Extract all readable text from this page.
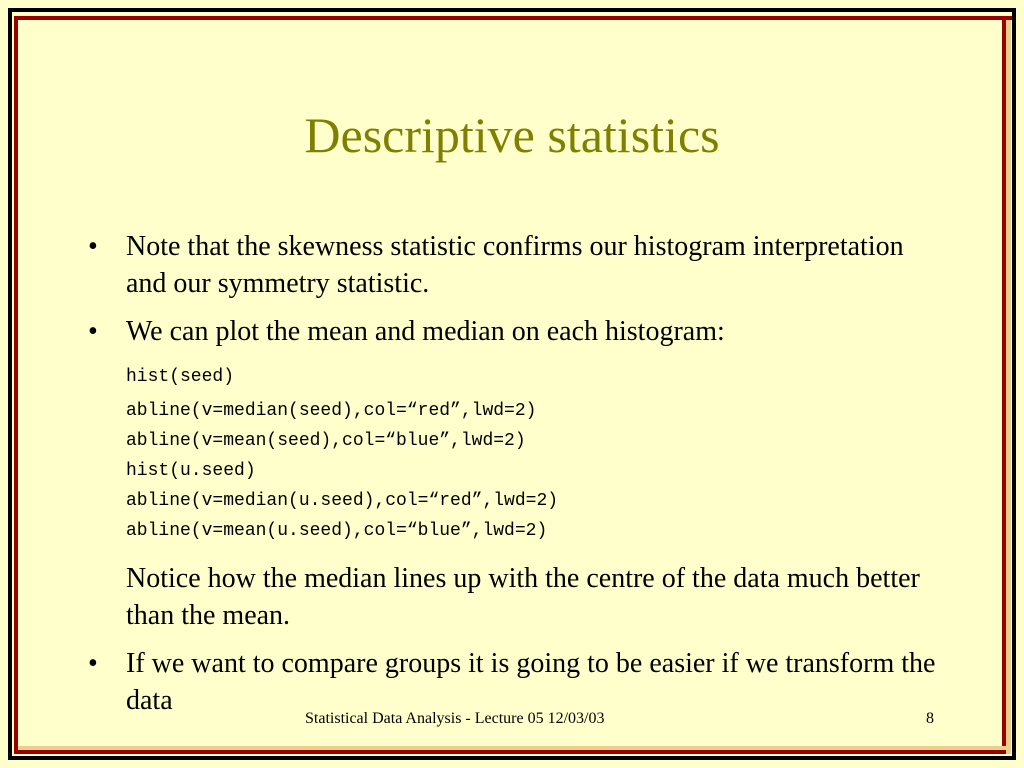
Descriptive statistics
• Note that the skewness statistic confirms our histogram interpretation and our symmetry statistic.
• We can plot the mean and median on each histogram:
hist(seed)
abline(v=median(seed),col=“red”,lwd=2)
abline(v=mean(seed),col=“blue”,lwd=2)
hist(u.seed)
abline(v=median(u.seed),col=“red”,lwd=2)
abline(v=mean(u.seed),col=“blue”,lwd=2)
Notice how the median lines up with the centre of the data much better than the mean.
• If we want to compare groups it is going to be easier if we transform the data
Statistical Data Analysis - Lecture 05 12/03/03	8
